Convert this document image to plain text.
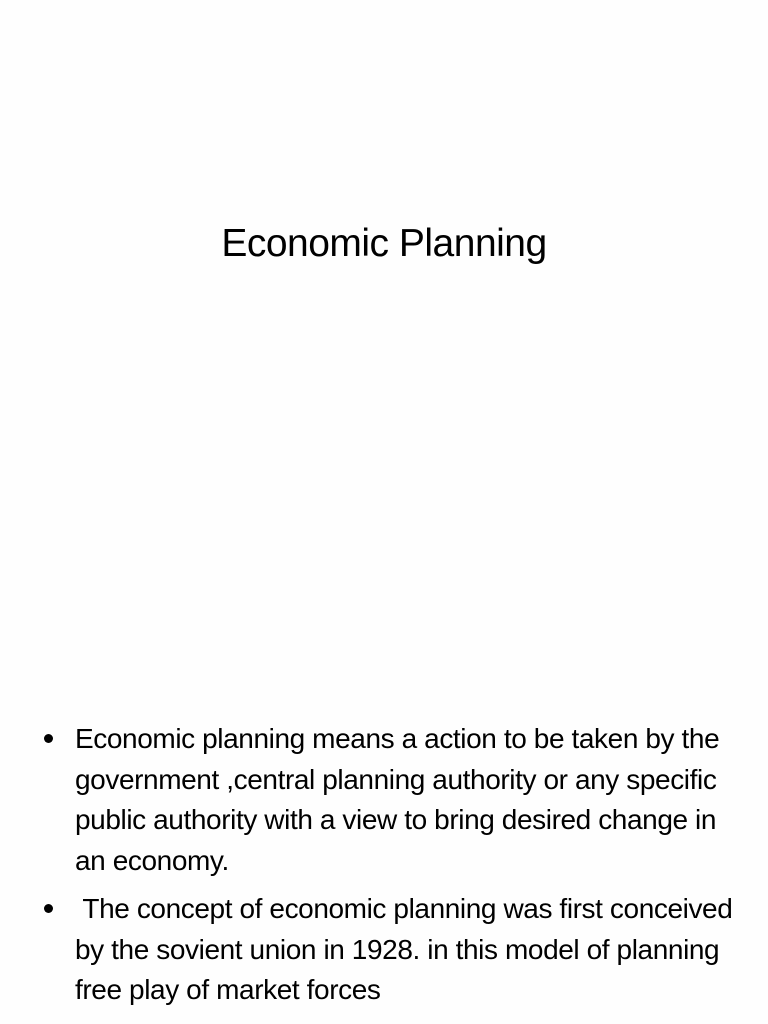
Economic Planning
Economic planning means a action to be taken by the government ,central planning authority or any specific public authority with a view to bring desired change in an economy.
The concept of economic planning was first conceived by the sovient union in 1928. in this model of planning free play of market forces
